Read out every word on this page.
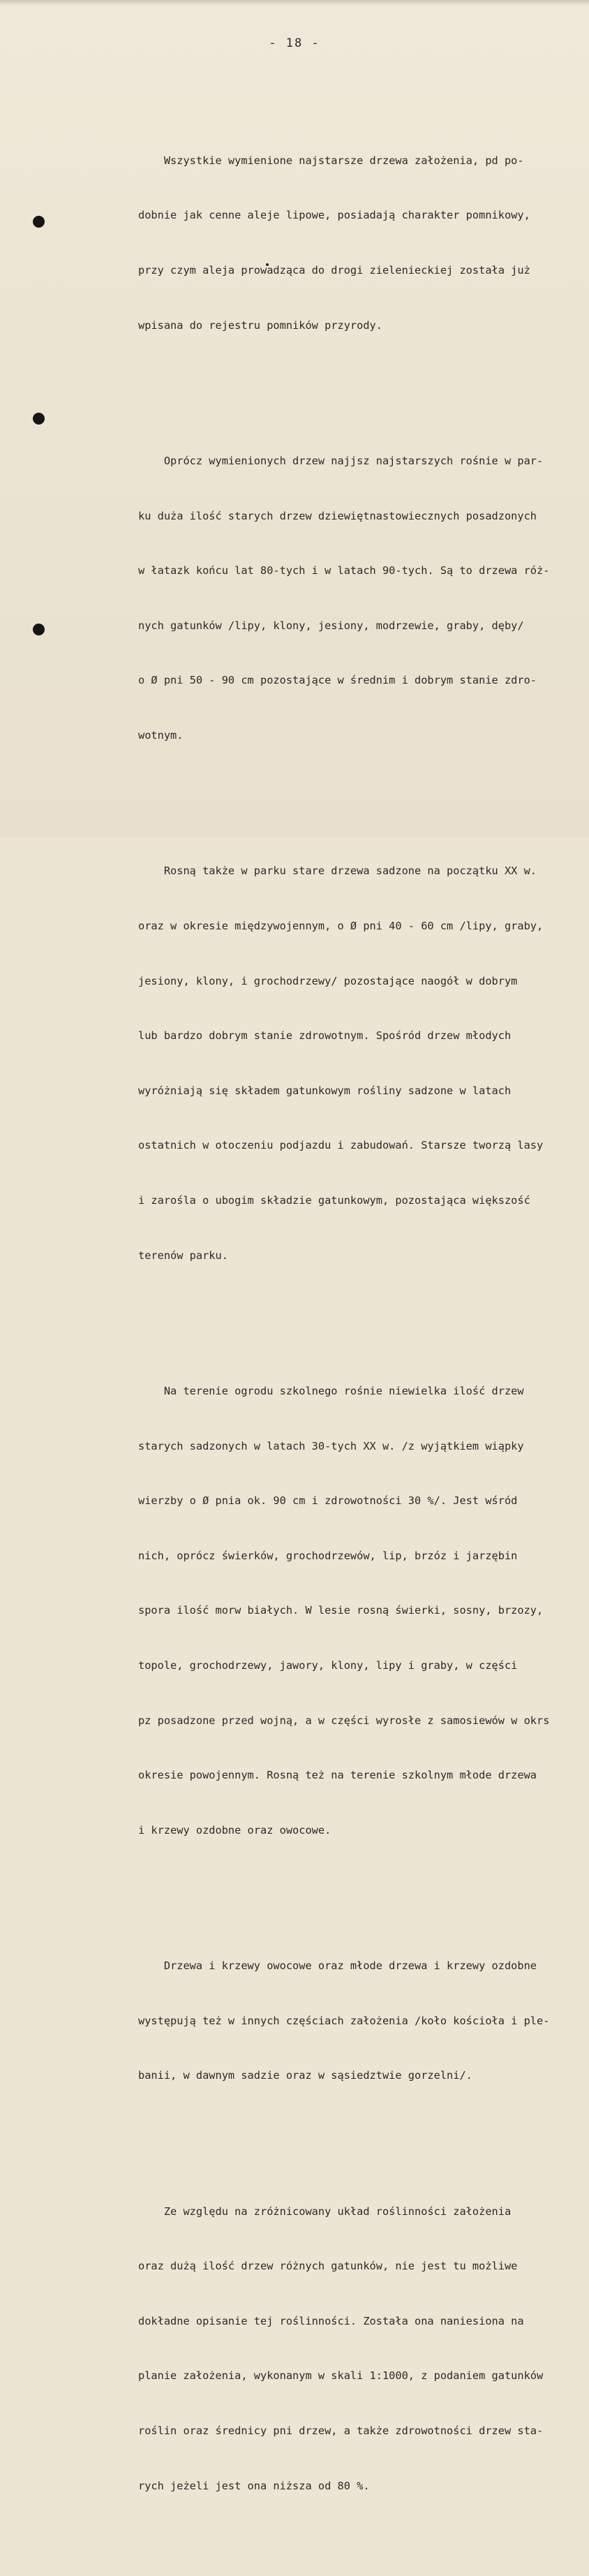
- 18 -

Wszystkie wymienione najstarsze drzewa założenia, pd po-

dobnie jak cenne aleje lipowe, posiadają charakter pomnikowy,

przy czym aleja prowadząca do drogi zielenieckiej została już

wpisana do rejestru pomników przyrody.

Oprócz wymienionych drzew najjsz najstarszych rośnie w par-

ku duża ilość starych drzew dziewiętnastowiecznych posadzonych

w łatazk końcu lat 80-tych i w latach 90-tych. Są to drzewa róż-

nych gatunków /lipy, klony, jesiony, modrzewie, graby, dęby/

o Ø pni 50 - 90 cm pozostające w średnim i dobrym stanie zdro-

wotnym.

Rosną także w parku stare drzewa sadzone na początku XX w.

oraz w okresie międzywojennym, o Ø pni 40 - 60 cm /lipy, graby,

jesiony, klony, i grochodrzewy/ pozostające naogół w dobrym

lub bardzo dobrym stanie zdrowotnym. Spośród drzew młodych

wyróżniają się składem gatunkowym rośliny sadzone w latach

ostatnich w otoczeniu podjazdu i zabudowań. Starsze tworzą lasy

i zarośla o ubogim składzie gatunkowym, pozostająca większość

terenów parku.

Na terenie ogrodu szkolnego rośnie niewielka ilość drzew

starych sadzonych w latach 30-tych XX w. /z wyjątkiem wiąpky

wierzby o Ø pnia ok. 90 cm i zdrowotności 30 %/. Jest wśród

nich, oprócz świerków, grochodrzewów, lip, brzóz i jarzębin

spora ilość morw białych. W lesie rosną świerki, sosny, brzozy,

topole, grochodrzewy, jawory, klony, lipy i graby, w części

pz posadzone przed wojną, a w części wyrosłe z samosiewów w okrs

okresie powojennym. Rosną też na terenie szkolnym młode drzewa

i krzewy ozdobne oraz owocowe.

Drzewa i krzewy owocowe oraz młode drzewa i krzewy ozdobne

występują też w innych częściach założenia /koło kościoła i ple-

banii, w dawnym sadzie oraz w sąsiedztwie gorzelni/.

Ze względu na zróżnicowany układ roślinności założenia

oraz dużą ilość drzew różnych gatunków, nie jest tu możliwe

dokładne opisanie tej roślinności. Została ona naniesiona na

planie założenia, wykonanym w skali 1:1000, z podaniem gatunków

roślin oraz średnicy pni drzew, a także zdrowotności drzew sta-

rych jeżeli jest ona niższa od 80 %.
